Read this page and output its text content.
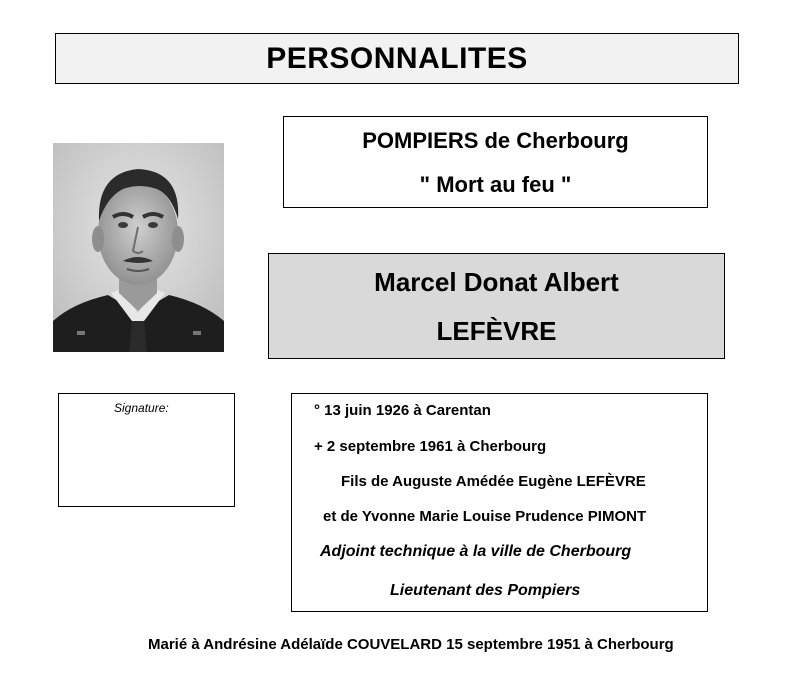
PERSONNALITES
POMPIERS de Cherbourg
" Mort au feu "
Marcel Donat Albert
LEFÈVRE
Signature:	° 13 juin 1926 à Carentan
+ 2 septembre 1961 à Cherbourg
Fils de Auguste Amédée Eugène LEFÈVRE
et de Yvonne Marie Louise Prudence PIMONT
Adjoint technique à la ville de Cherbourg
Lieutenant des Pompiers
Marié à Andrésine Adélaïde COUVELARD 15 septembre 1951 à Cherbourg
